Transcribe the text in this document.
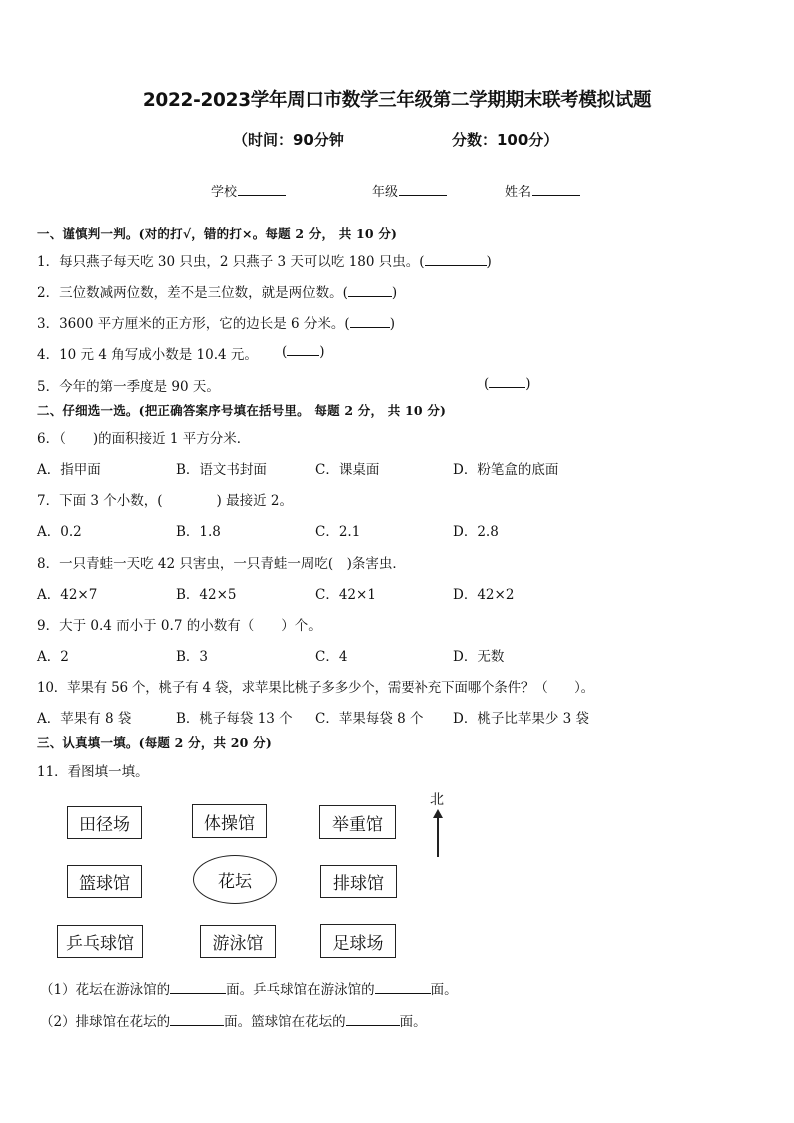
2022-2023学年周口市数学三年级第二学期期末联考模拟试题
（时间：90分钟	分数：100分）
学校	年级	姓名
一、谨慎判一判。(对的打√，错的打×。每题 2 分， 共 10 分)
1．每只燕子每天吃 30 只虫，2 只燕子 3 天可以吃 180 只虫。(	)
2．三位数减两位数，差不是三位数，就是两位数。(	)
3．3600 平方厘米的正方形，它的边长是 6 分米。(	)
4．10 元 4 角写成小数是 10.4 元。 ( )
5．今年的第一季度是 90 天。	(	)
二、仔细选一选。(把正确答案序号填在括号里。 每题 2 分， 共 10 分)
6．（　　)的面积接近 1 平方分米．
A．指甲面	B．语文书封面	C．课桌面	D．粉笔盒的底面
7．下面 3 个小数，(　　　　) 最接近 2。
A．0.2	B．1.8	C．2.1	D．2.8
8．一只青蛙一天吃 42 只害虫，一只青蛙一周吃(　)条害虫．
A．42×7	B．42×5	C．42×1	D．42×2
9．大于 0.4 而小于 0.7 的小数有（　　）个。
A．2	B．3	C．4	D．无数
10．苹果有 56 个，桃子有 4 袋，求苹果比桃子多多少个，需要补充下面哪个条件？（　　）。
A．苹果有 8 袋	B．桃子每袋 13 个 C．苹果每袋 8 个 D．桃子比苹果少 3 袋
三、认真填一填。(每题 2 分，共 20 分)
11．看图填一填。
田径场	体操馆	举重馆
篮球馆	花坛	排球馆
乒乓球馆	游泳馆	足球场
北
（1）花坛在游泳馆的	面。乒乓球馆在游泳馆的	面。
（2）排球馆在花坛的	面。篮球馆在花坛的	面。
